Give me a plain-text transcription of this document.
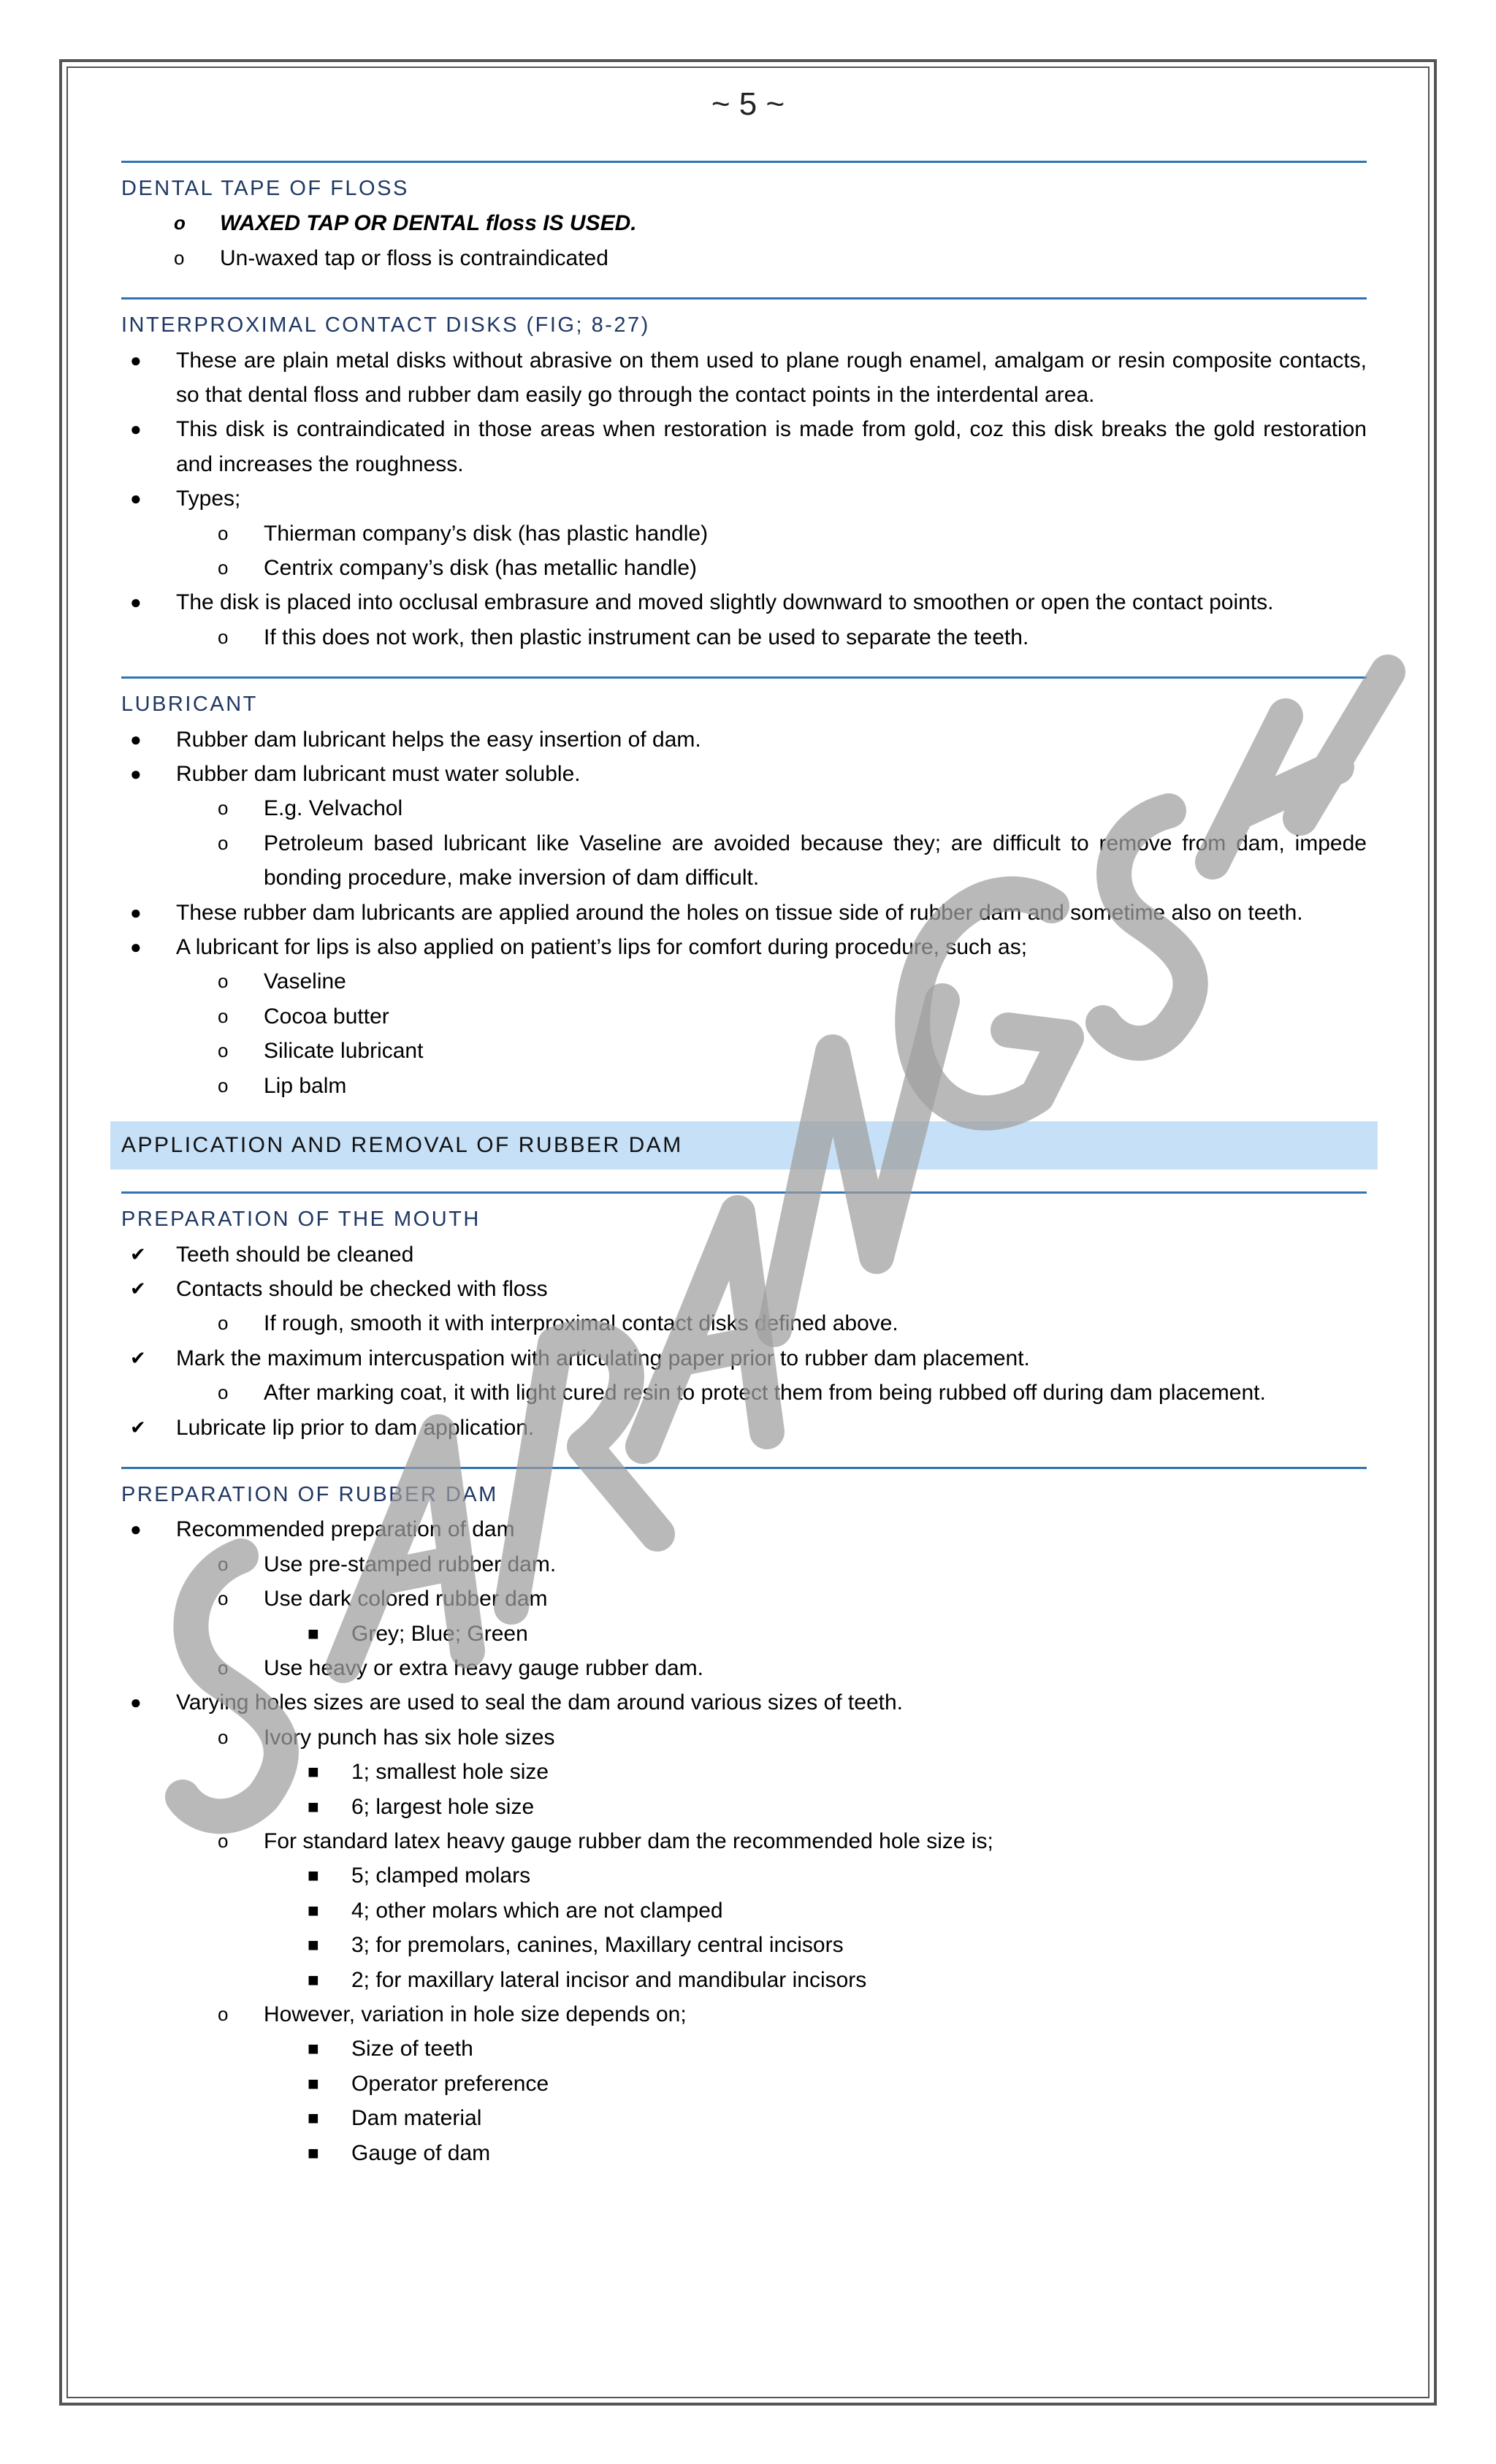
~ 5 ~
DENTAL TAPE OF FLOSS
o WAXED TAP OR DENTAL floss IS USED.
o Un-waxed tap or floss is contraindicated
INTERPROXIMAL CONTACT DISKS (FIG; 8-27)
● These are plain metal disks without abrasive on them used to plane rough enamel, amalgam or resin composite contacts, so that dental floss and rubber dam easily go through the contact points in the interdental area.
● This disk is contraindicated in those areas when restoration is made from gold, coz this disk breaks the gold restoration and increases the roughness.
● Types;
o Thierman company’s disk (has plastic handle)
o Centrix company’s disk (has metallic handle)
● The disk is placed into occlusal embrasure and moved slightly downward to smoothen or open the contact points.
o If this does not work, then plastic instrument can be used to separate the teeth.
LUBRICANT
● Rubber dam lubricant helps the easy insertion of dam.
● Rubber dam lubricant must water soluble.
o E.g. Velvachol
o Petroleum based lubricant like Vaseline are avoided because they; are difficult to remove from dam, impede bonding procedure, make inversion of dam difficult.
● These rubber dam lubricants are applied around the holes on tissue side of rubber dam and sometime also on teeth.
● A lubricant for lips is also applied on patient’s lips for comfort during procedure, such as;
o Vaseline
o Cocoa butter
o Silicate lubricant
o Lip balm
APPLICATION AND REMOVAL OF RUBBER DAM
PREPARATION OF THE MOUTH
✔ Teeth should be cleaned
✔ Contacts should be checked with floss
o If rough, smooth it with interproximal contact disks defined above.
✔ Mark the maximum intercuspation with articulating paper prior to rubber dam placement.
o After marking coat, it with light cured resin to protect them from being rubbed off during dam placement.
✔ Lubricate lip prior to dam application.
PREPARATION OF RUBBER DAM
● Recommended preparation of dam
o Use pre-stamped rubber dam.
o Use dark colored rubber dam
■ Grey; Blue; Green
o Use heavy or extra heavy gauge rubber dam.
● Varying holes sizes are used to seal the dam around various sizes of teeth.
o Ivory punch has six hole sizes
■ 1; smallest hole size
■ 6; largest hole size
o For standard latex heavy gauge rubber dam the recommended hole size is;
■ 5; clamped molars
■ 4; other molars which are not clamped
■ 3; for premolars, canines, Maxillary central incisors
■ 2; for maxillary lateral incisor and mandibular incisors
o However, variation in hole size depends on;
■ Size of teeth
■ Operator preference
■ Dam material
■ Gauge of dam
